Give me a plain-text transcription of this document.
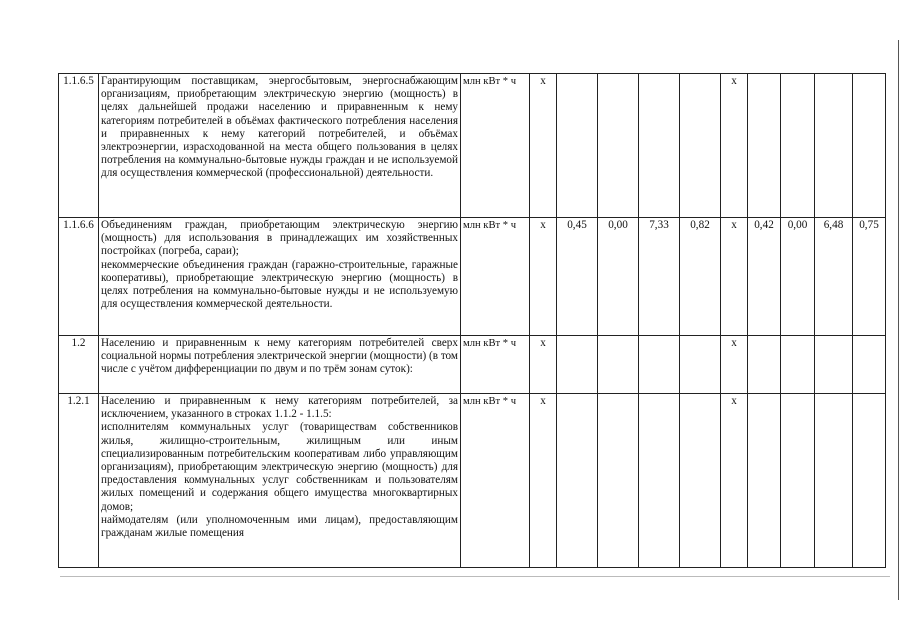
1.1.6.5	Гарантирующим поставщикам, энергосбытовым, энергоснабжающим организациям, приобретающим электрическую энергию (мощность) в целях дальнейшей продажи населению и приравненным к нему категориям потребителей в объёмах фактического потребления населения и приравненных к нему категорий потребителей, и объёмах электроэнергии, израсходованной на места общего пользования в целях потребления на коммунально-бытовые нужды граждан и не используемой для осуществления коммерческой (профессиональной) деятельности.	млн кВт * ч	х					х				
1.1.6.6	Объединениям граждан, приобретающим электрическую энергию (мощность) для использования в принадлежащих им хозяйственных постройках (погреба, сараи);
некоммерческие объединения граждан (гаражно-строительные, гаражные кооперативы), приобретающие электрическую энергию (мощность) в целях потребления на коммунально-бытовые нужды и не используемую для осуществления коммерческой деятельности.	млн кВт * ч	х	0,45	0,00	7,33	0,82	х	0,42	0,00	6,48	0,75
1.2	Населению и приравненным к нему категориям потребителей сверх социальной нормы потребления электрической энергии (мощности) (в том числе с учётом дифференциации по двум и по трём зонам суток):	млн кВт * ч	х					х				
1.2.1	Населению и приравненным к нему категориям потребителей, за исключением, указанного в строках 1.1.2 - 1.1.5:
исполнителям коммунальных услуг (товариществам собственников жилья, жилищно-строительным, жилищным или иным специализированным потребительским кооперативам либо управляющим организациям), приобретающим электрическую энергию (мощность) для предоставления коммунальных услуг собственникам и пользователям жилых помещений и содержания общего имущества многоквартирных домов;
наймодателям (или уполномоченным ими лицам), предоставляющим гражданам жилые помещения	млн кВт * ч	х					х				
